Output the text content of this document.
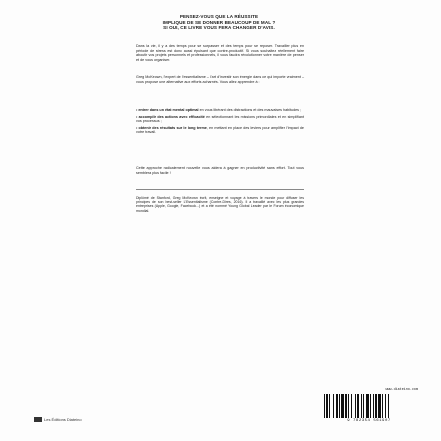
PENSEZ-VOUS QUE LA RÉUSSITE
IMPLIQUE DE SE DONNER BEAUCOUP DE MAL ?
SI OUI, CE LIVRE VOUS FERA CHANGER D’AVIS.

Dans la vie, il y a des temps pour se surpasser et des temps pour se reposer. Travailler plus en période de stress est donc aussi épuisant que contre-productif. Si vous souhaitez réellement faire aboutir vos projets personnels et professionnels, il vous faudra révolutionner votre manière de penser et de vous organiser.

Greg McKeown, l’expert de l’essentialisme – l’art d’investir son énergie dans ce qui importe vraiment – vous propose une alternative aux efforts acharnés. Vous allez apprendre à :

• entrer dans un état mental optimal en vous libérant des distractions et des mauvaises habitudes ;
• accomplir des actions avec efficacité en sélectionnant les missions primordiales et en simplifiant vos processus ;
• obtenir des résultats sur le long terme, en mettant en place des leviers pour amplifier l’impact de votre travail.

Cette approche radicalement nouvelle vous aidera à gagner en productivité sans effort. Tout vous semblera plus facile !

Diplômé de Stanford, Greg McKeown écrit, enseigne et voyage à travers le monde pour diffuser les principes de son best-seller L’Essentialisme (Contre-Dires, 2016). Il a travaillé avec les plus grandes entreprises (Apple, Google, Facebook...) et a été nommé Young Global Leader par le Forum économique mondial.

Les Éditions Diateino
www.diateino.com
9 782354 561907
